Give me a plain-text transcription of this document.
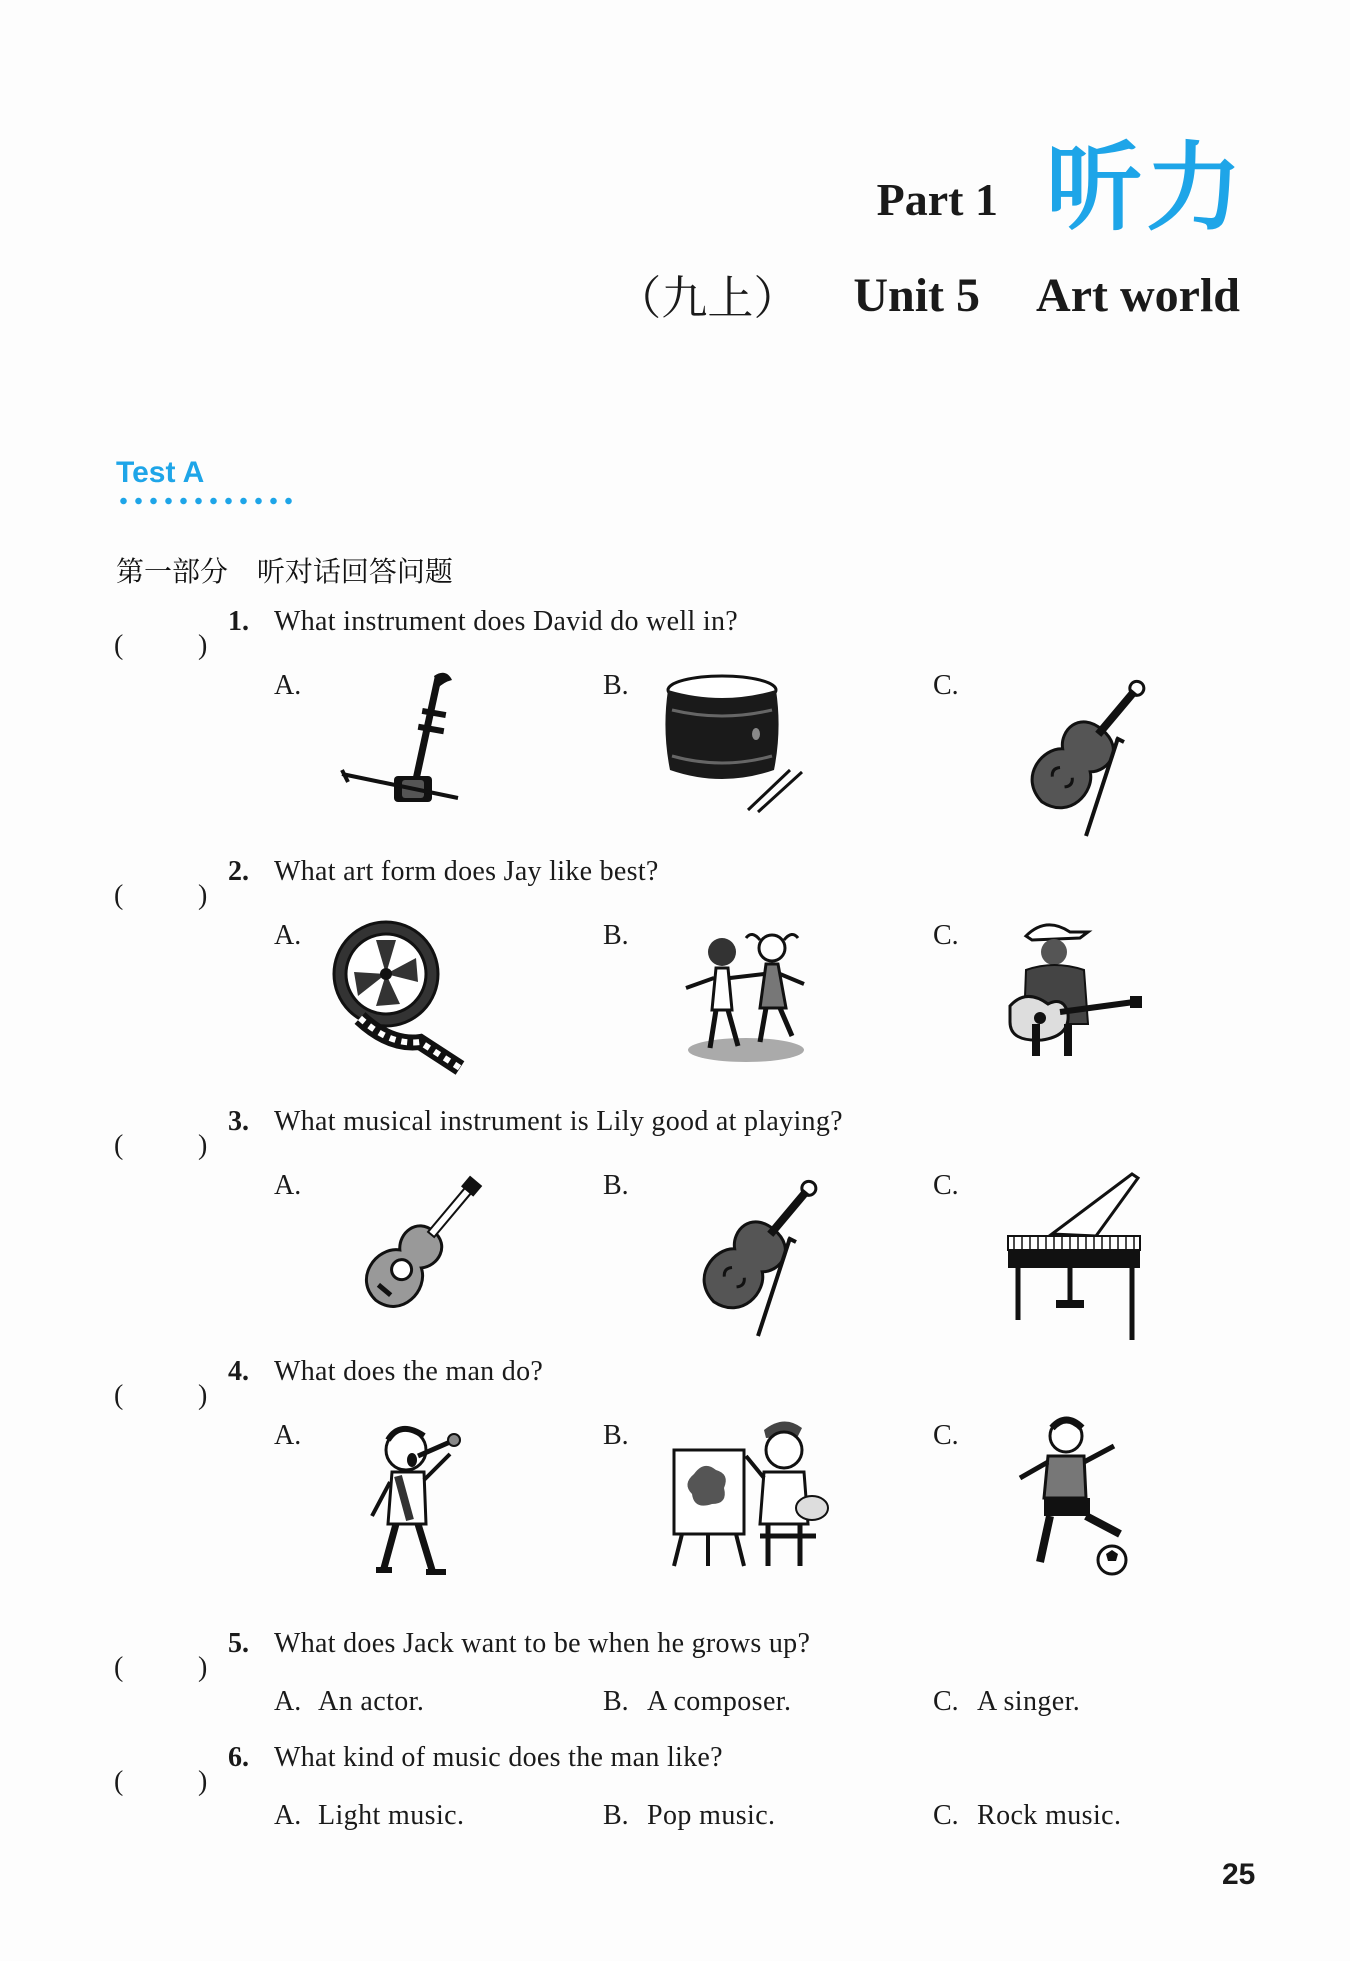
Part 1 听力
（九上） Unit 5 Art world
Test A
第一部分 听对话回答问题
(	)
1. What instrument does David do well in?
A.	B.	C.
(	)
2. What art form does Jay like best?
A.	B.	C.
(	)
3. What musical instrument is Lily good at playing?
A.	B.	C.
(	)
4. What does the man do?
A.	B.	C.
(	)
5. What does Jack want to be when he grows up?
A. An actor.	B. A composer.	C. A singer.
(	)
6. What kind of music does the man like?
A. Light music.	B. Pop music.	C. Rock music.
25
